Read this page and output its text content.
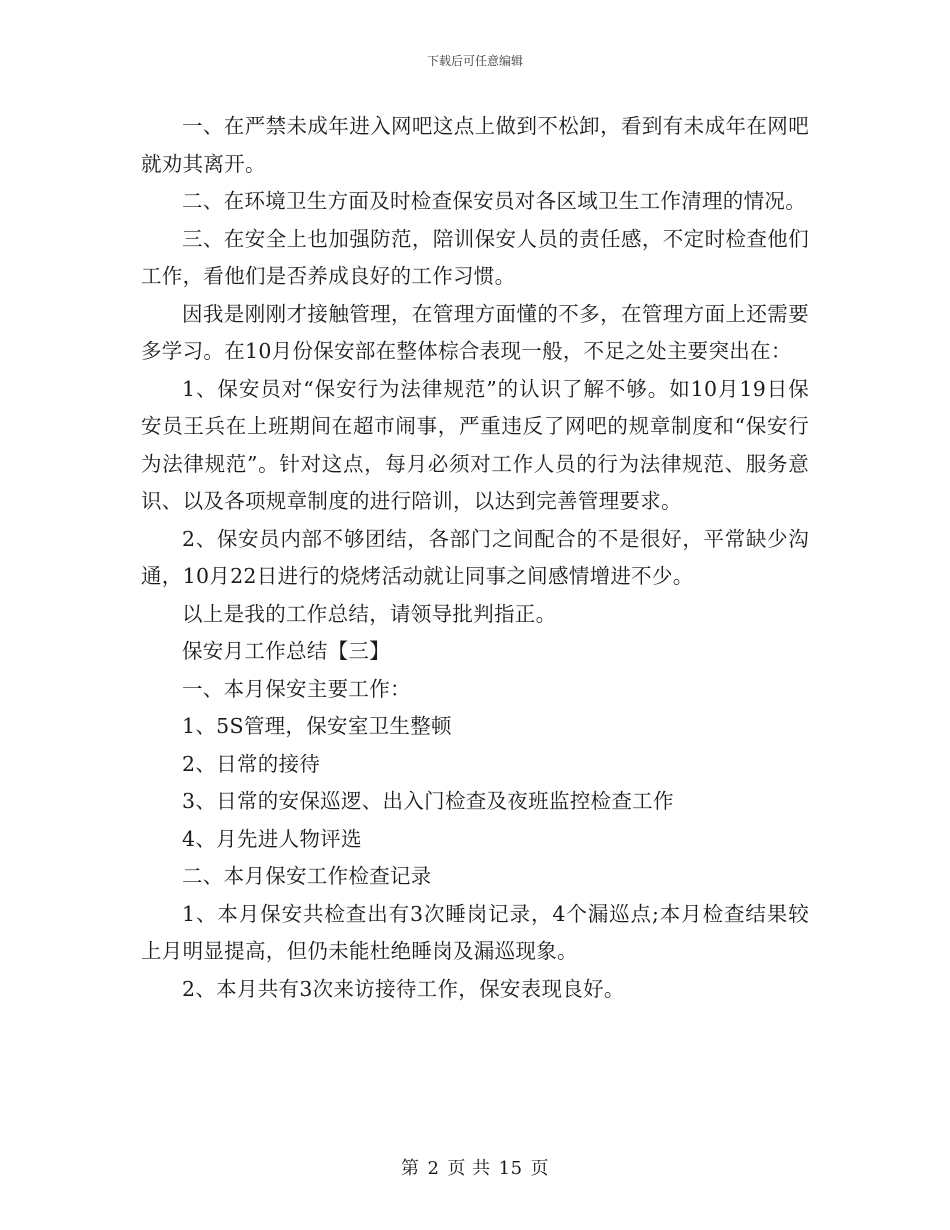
下载后可任意编辑

一、在严禁未成年进入网吧这点上做到不松卸，看到有未成年在网吧就劝其离开。

二、在环境卫生方面及时检查保安员对各区域卫生工作清理的情况。

三、在安全上也加强防范，陪训保安人员的责任感，不定时检查他们工作，看他们是否养成良好的工作习惯。

因我是刚刚才接触管理，在管理方面懂的不多，在管理方面上还需要多学习。在10月份保安部在整体棕合表现一般，不足之处主要突出在：

1、保安员对“保安行为法律规范”的认识了解不够。如10月19日保安员王兵在上班期间在超市闹事，严重违反了网吧的规章制度和“保安行为法律规范”。针对这点，每月必须对工作人员的行为法律规范、服务意识、以及各项规章制度的进行陪训，以达到完善管理要求。

2、保安员内部不够团结，各部门之间配合的不是很好，平常缺少沟通，10月22日进行的烧烤活动就让同事之间感情增进不少。

以上是我的工作总结，请领导批判指正。

保安月工作总结【三】

一、本月保安主要工作：

1、5S管理，保安室卫生整顿

2、日常的接待

3、日常的安保巡逻、出入门检查及夜班监控检查工作

4、月先进人物评选

二、本月保安工作检查记录

1、本月保安共检查出有3次睡岗记录，4个漏巡点;本月检查结果较上月明显提高，但仍未能杜绝睡岗及漏巡现象。

2、本月共有3次来访接待工作，保安表现良好。

第 2 页 共 15 页
